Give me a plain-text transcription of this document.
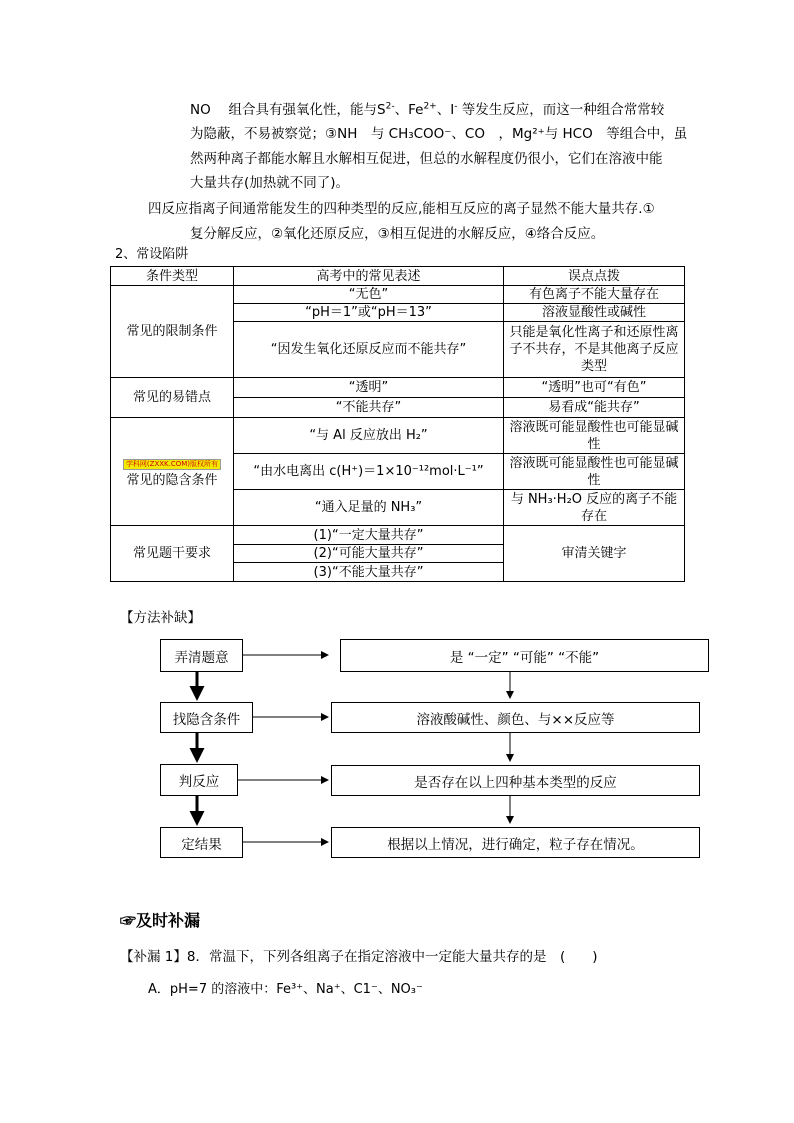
NO　 组合具有强氧化性，能与$S^{2-}$、$Fe^{2+}$、I- 等发生反应，而这一种组合常常较
为隐蔽，不易被察觉；③NH　与 CH₃COO⁻、CO　，Mg²⁺与 HCO　等组合中，虽
然两种离子都能水解且水解相互促进，但总的水解程度仍很小，它们在溶液中能
大量共存(加热就不同了)。
四反应指离子间通常能发生的四种类型的反应,能相互反应的离子显然不能大量共存.①
复分解反应，②氧化还原反应，③相互促进的水解反应，④络合反应。
2、常设陷阱
条件类型	高考中的常见表述	误点点拨
常见的限制条件	“无色”	有色离子不能大量存在
	“pH＝1”或“pH＝13”	溶液显酸性或碱性
	“因发生氧化还原反应而不能共存”	只能是氧化性离子和还原性离子不共存，不是其他离子反应类型
常见的易错点	“透明”	“透明”也可“有色”
	“不能共存”	易看成“能共存”
学科网(ZXXK.COM)版权所有
常见的隐含条件	“与 Al 反应放出 H₂”	溶液既可能显酸性也可能显碱性
	“由水电离出 c(H⁺)＝1×10⁻¹²mol·L⁻¹”	溶液既可能显酸性也可能显碱性
	“通入足量的 NH₃”	与 NH₃·H₂O 反应的离子不能存在
常见题干要求	(1)“一定大量共存”	审清关键字
	(2)“可能大量共存”	
	(3)“不能大量共存”	
【方法补缺】
弄清题意
找隐含条件
判反应
定结果
是 “一定” “可能” “不能”
溶液酸碱性、颜色、与××反应等
是否存在以上四种基本类型的反应
根据以上情况，进行确定，粒子存在情况。
☞及时补漏
【补漏 1】8．常温下，下列各组离子在指定溶液中一定能大量共存的是　(　　)
A．pH=7 的溶液中：Fe³⁺、Na⁺、C1⁻、NO₃⁻
